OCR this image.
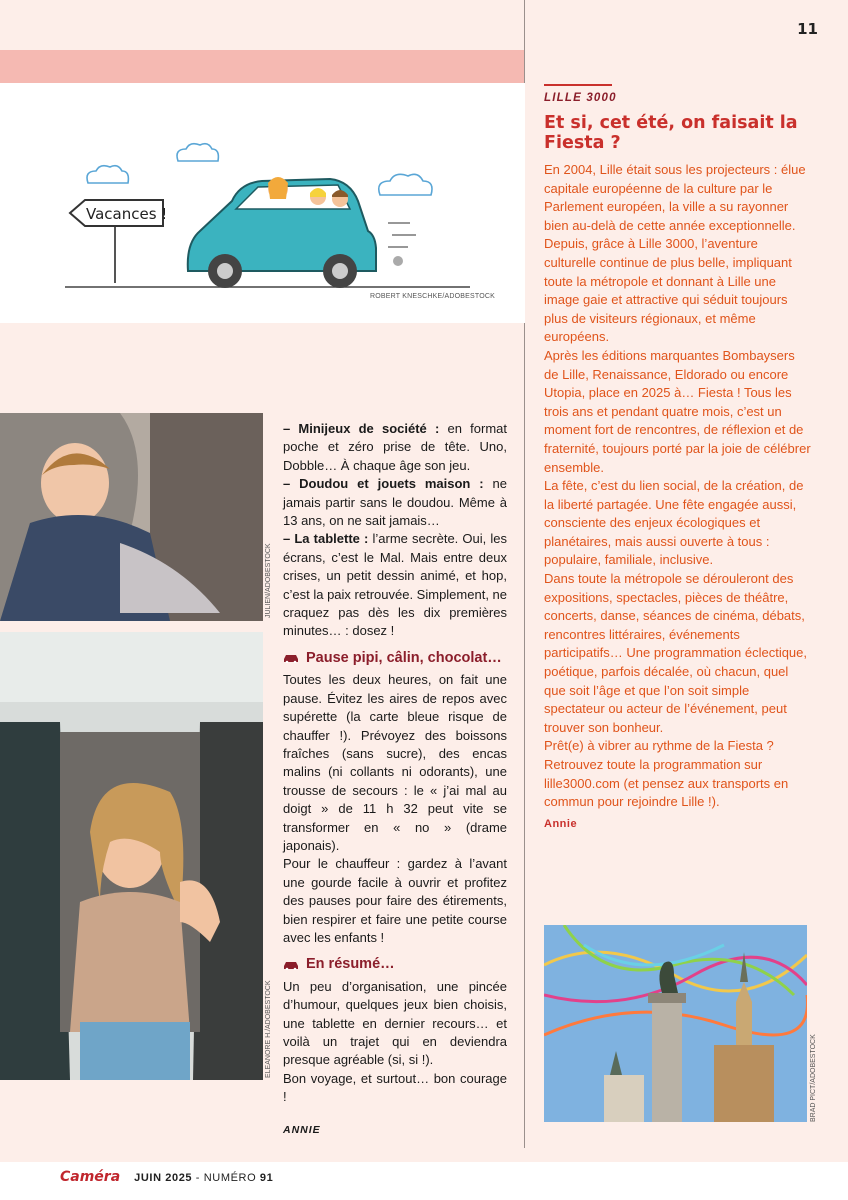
11
Vacances !
ROBERT KNESCHKE/ADOBESTOCK
JULIEN/ADOBESTOCK
ELEANORE H./ADOBESTOCK

– Minijeux de société : en format poche et zéro prise de tête. Uno, Dobble… À chaque âge son jeu.

– Doudou et jouets maison : ne jamais partir sans le doudou. Même à 13 ans, on ne sait jamais…

– La tablette : l’arme secrète. Oui, les écrans, c’est le Mal. Mais entre deux crises, un petit dessin animé, et hop, c’est la paix retrouvée. Simplement, ne craquez pas dès les dix premières minutes… : dosez !

Pause pipi, câlin, chocolat…

Toutes les deux heures, on fait une pause. Évitez les aires de repos avec supérette (la carte bleue risque de chauffer !). Prévoyez des boissons fraîches (sans sucre), des encas malins (ni collants ni odorants), une trousse de secours : le « j’ai mal au doigt » de 11 h 32 peut vite se transformer en « no » (drame japonais).

Pour le chauffeur : gardez à l’avant une gourde facile à ouvrir et profitez des pauses pour faire des étirements, bien respirer et faire une petite course avec les enfants !

En résumé…

Un peu d’organisation, une pincée d’humour, quelques jeux bien choisis, une tablette en dernier recours… et voilà un trajet qui en deviendra presque agréable (si, si !).

Bon voyage, et surtout… bon courage !

ANNIE

LILLE 3000
Et si, cet été, on faisait la Fiesta ?

En 2004, Lille était sous les projecteurs : élue capitale européenne de la culture par le Parlement européen, la ville a su rayonner bien au-delà de cette année exceptionnelle. Depuis, grâce à Lille 3000, l’aventure culturelle continue de plus belle, impliquant toute la métropole et donnant à Lille une image gaie et attractive qui séduit toujours plus de visiteurs régionaux, et même européens.

Après les éditions marquantes Bombaysers de Lille, Renaissance, Eldorado ou encore Utopia, place en 2025 à… Fiesta ! Tous les trois ans et pendant quatre mois, c’est un moment fort de rencontres, de réflexion et de fraternité, toujours porté par la joie de célébrer ensemble.

La fête, c’est du lien social, de la création, de la liberté partagée. Une fête engagée aussi, consciente des enjeux écologiques et planétaires, mais aussi ouverte à tous : populaire, familiale, inclusive.

Dans toute la métropole se dérouleront des expositions, spectacles, pièces de théâtre, concerts, danse, séances de cinéma, débats, rencontres littéraires, événements participatifs… Une programmation éclectique, poétique, parfois décalée, où chacun, quel que soit l’âge et que l’on soit simple spectateur ou acteur de l’événement, peut trouver son bonheur.

Prêt(e) à vibrer au rythme de la Fiesta ? Retrouvez toute la programmation sur lille3000.com (et pensez aux transports en commun pour rejoindre Lille !).

Annie
BRAD PICT/ADOBESTOCK
Caméra JUIN 2025 - NUMÉRO 91
